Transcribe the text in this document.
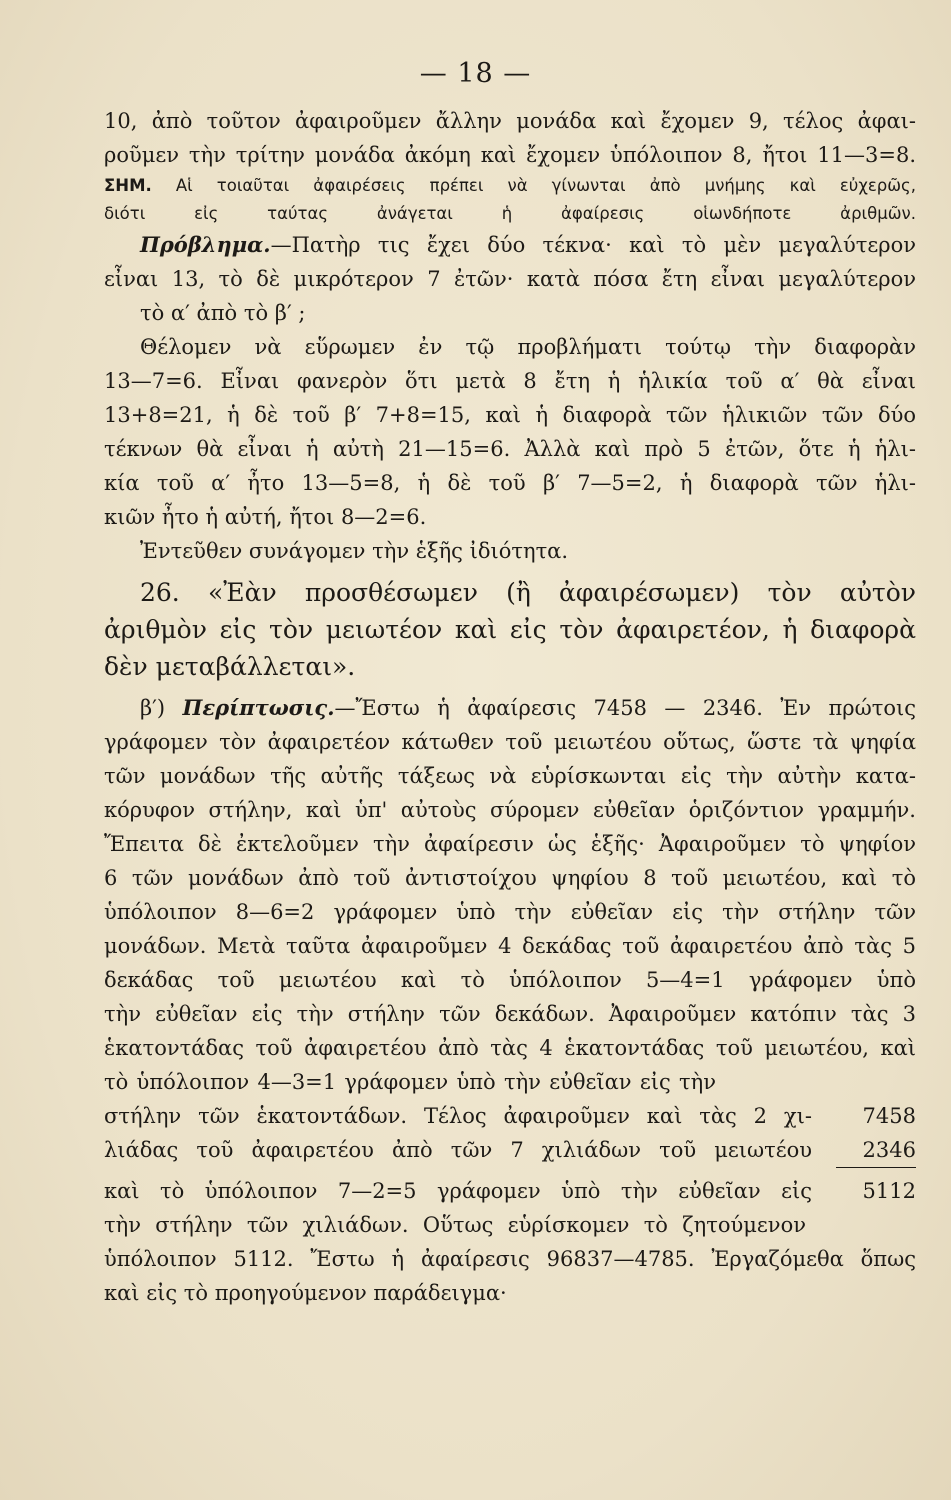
— 18 —

10, ἀπὸ τοῦτον ἀφαιροῦμεν ἄλλην μονάδα καὶ ἔχομεν 9, τέλος ἀφαι-

ροῦμεν τὴν τρίτην μονάδα ἀκόμη καὶ ἔχομεν ὑπόλοιπον 8, ἤτοι 11—3=8.

ΣΗΜ. Αἱ τοιαῦται ἀφαιρέσεις πρέπει νὰ γίνωνται ἀπὸ μνήμης καὶ εὐχερῶς,

διότι εἰς ταύτας ἀνάγεται ἡ ἀφαίρεσις οἱωνδήποτε ἀριθμῶν.

Πρόβλημα.—Πατὴρ τις ἔχει δύο τέκνα· καὶ τὸ μὲν μεγαλύτερον

εἶναι 13, τὸ δὲ μικρότερον 7 ἐτῶν· κατὰ πόσα ἔτη εἶναι μεγαλύτερον

τὸ α′ ἀπὸ τὸ β′ ;

Θέλομεν νὰ εὕρωμεν ἐν τῷ προβλήματι τούτῳ τὴν διαφορὰν

13—7=6. Εἶναι φανερὸν ὅτι μετὰ 8 ἔτη ἡ ἡλικία τοῦ α′ θὰ εἶναι

13+8=21, ἡ δὲ τοῦ β′ 7+8=15, καὶ ἡ διαφορὰ τῶν ἡλικιῶν τῶν δύο

τέκνων θὰ εἶναι ἡ αὐτὴ 21—15=6. Ἀλλὰ καὶ πρὸ 5 ἐτῶν, ὅτε ἡ ἡλι-

κία τοῦ α′ ἦτο 13—5=8, ἡ δὲ τοῦ β′ 7—5=2, ἡ διαφορὰ τῶν ἡλι-

κιῶν ἦτο ἡ αὐτή, ἤτοι 8—2=6.

Ἐντεῦθεν συνάγομεν τὴν ἑξῆς ἰδιότητα.

26. «Ἐὰν προσθέσωμεν (ἢ ἀφαιρέσωμεν) τὸν αὐτὸν

ἀριθμὸν εἰς τὸν μειωτέον καὶ εἰς τὸν ἀφαιρετέον, ἡ διαφορὰ

δὲν μεταβάλλεται».

β′) Περίπτωσις.—Ἔστω ἡ ἀφαίρεσις 7458 — 2346. Ἐν πρώτοις

γράφομεν τὸν ἀφαιρετέον κάτωθεν τοῦ μειωτέου οὕτως, ὥστε τὰ ψηφία

τῶν μονάδων τῆς αὐτῆς τάξεως νὰ εὑρίσκωνται εἰς τὴν αὐτὴν κατα-

κόρυφον στήλην, καὶ ὑπ' αὐτοὺς σύρομεν εὐθεῖαν ὁριζόντιον γραμμήν.

Ἔπειτα δὲ ἐκτελοῦμεν τὴν ἀφαίρεσιν ὡς ἑξῆς· Ἀφαιροῦμεν τὸ ψηφίον

6 τῶν μονάδων ἀπὸ τοῦ ἀντιστοίχου ψηφίου 8 τοῦ μειωτέου, καὶ τὸ

ὑπόλοιπον 8—6=2 γράφομεν ὑπὸ τὴν εὐθεῖαν εἰς τὴν στήλην τῶν

μονάδων. Μετὰ ταῦτα ἀφαιροῦμεν 4 δεκάδας τοῦ ἀφαιρετέου ἀπὸ τὰς 5

δεκάδας τοῦ μειωτέου καὶ τὸ ὑπόλοιπον 5—4=1 γράφομεν ὑπὸ

τὴν εὐθεῖαν εἰς τὴν στήλην τῶν δεκάδων. Ἀφαιροῦμεν κατόπιν τὰς 3

ἑκατοντάδας τοῦ ἀφαιρετέου ἀπὸ τὰς 4 ἑκατοντάδας τοῦ μειωτέου, καὶ

τὸ ὑπόλοιπον 4—3=1 γράφομεν ὑπὸ τὴν εὐθεῖαν εἰς τὴν

στήλην τῶν ἑκατοντάδων. Τέλος ἀφαιροῦμεν καὶ τὰς 2 χι-	7458
λιάδας τοῦ ἀφαιρετέου ἀπὸ τῶν 7 χιλιάδων τοῦ μειωτέου	2346
καὶ τὸ ὑπόλοιπον 7—2=5 γράφομεν ὑπὸ τὴν εὐθεῖαν εἰς	5112

τὴν στήλην τῶν χιλιάδων. Οὕτως εὑρίσκομεν τὸ ζητούμενον

ὑπόλοιπον 5112. Ἔστω ἡ ἀφαίρεσις 96837—4785. Ἐργαζόμεθα ὅπως

καὶ εἰς τὸ προηγούμενον παράδειγμα·
